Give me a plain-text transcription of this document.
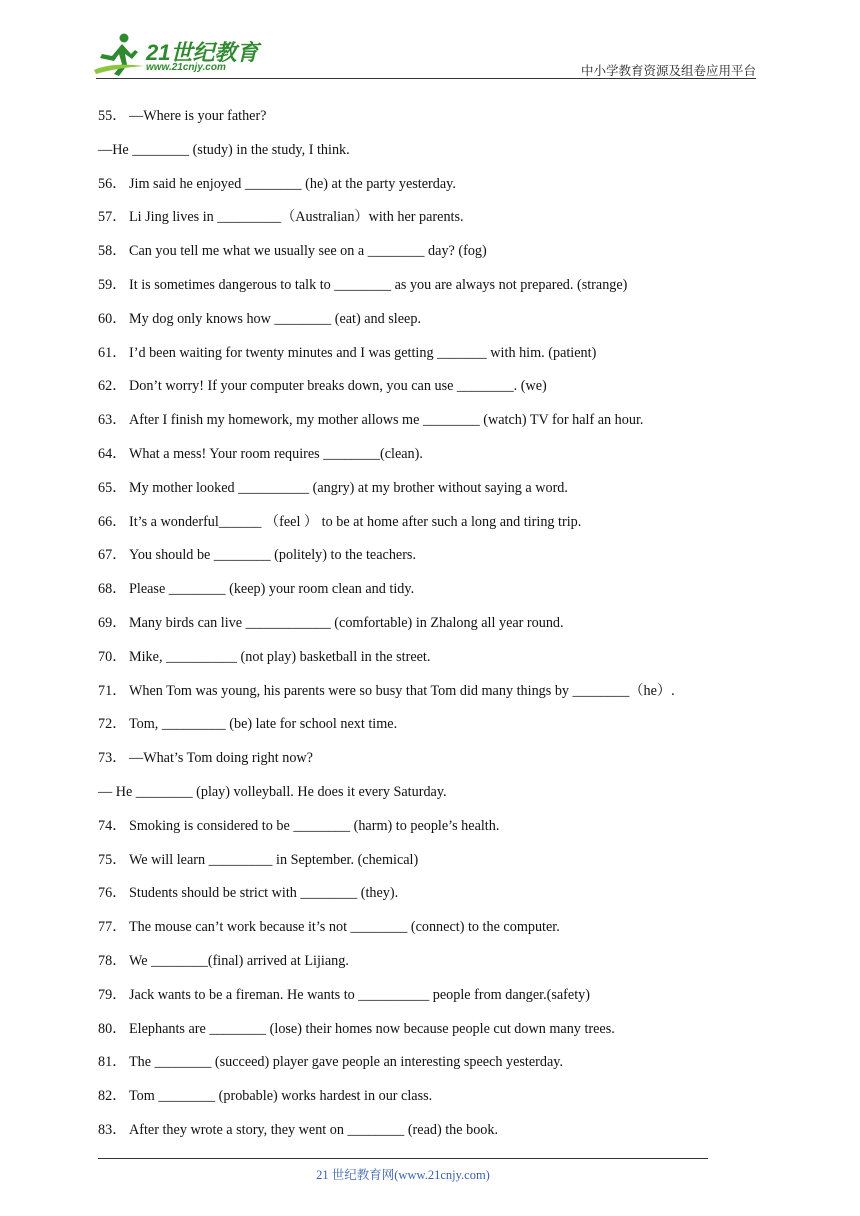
21世纪教育
www.21cnjy.com	中小学教育资源及组卷应用平台
55． —Where is your father?
—He ________ (study) in the study, I think.
56． Jim said he enjoyed ________ (he) at the party yesterday.
57． Li Jing lives in _________（Australian）with her parents.
58． Can you tell me what we usually see on a ________ day? (fog)
59． It is sometimes dangerous to talk to ________ as you are always not prepared. (strange)
60． My dog only knows how ________ (eat) and sleep.
61． I’d been waiting for twenty minutes and I was getting _______ with him. (patient)
62． Don’t worry! If your computer breaks down, you can use ________. (we)
63． After I finish my homework, my mother allows me ________ (watch) TV for half an hour.
64． What a mess! Your room requires ________(clean).
65． My mother looked __________ (angry) at my brother without saying a word.
66． It’s a wonderful______ （feel ） to be at home after such a long and tiring trip.
67． You should be ________ (politely) to the teachers.
68． Please ________ (keep) your room clean and tidy.
69． Many birds can live ____________ (comfortable) in Zhalong all year round.
70． Mike, __________ (not play) basketball in the street.
71． When Tom was young, his parents were so busy that Tom did many things by ________（he）.
72． Tom, _________ (be) late for school next time.
73． —What’s Tom doing right now?
— He ________ (play) volleyball. He does it every Saturday.
74． Smoking is considered to be ________ (harm) to people’s health.
75． We will learn _________ in September. (chemical)
76． Students should be strict with ________ (they).
77． The mouse can’t work because it’s not ________ (connect) to the computer.
78． We ________(final) arrived at Lijiang.
79． Jack wants to be a fireman. He wants to __________ people from danger.(safety)
80． Elephants are ________ (lose) their homes now because people cut down many trees.
81． The ________ (succeed) player gave people an interesting speech yesterday.
82． Tom ________ (probable) works hardest in our class.
83． After they wrote a story, they went on ________ (read) the book.
21 世纪教育网(www.21cnjy.com)
